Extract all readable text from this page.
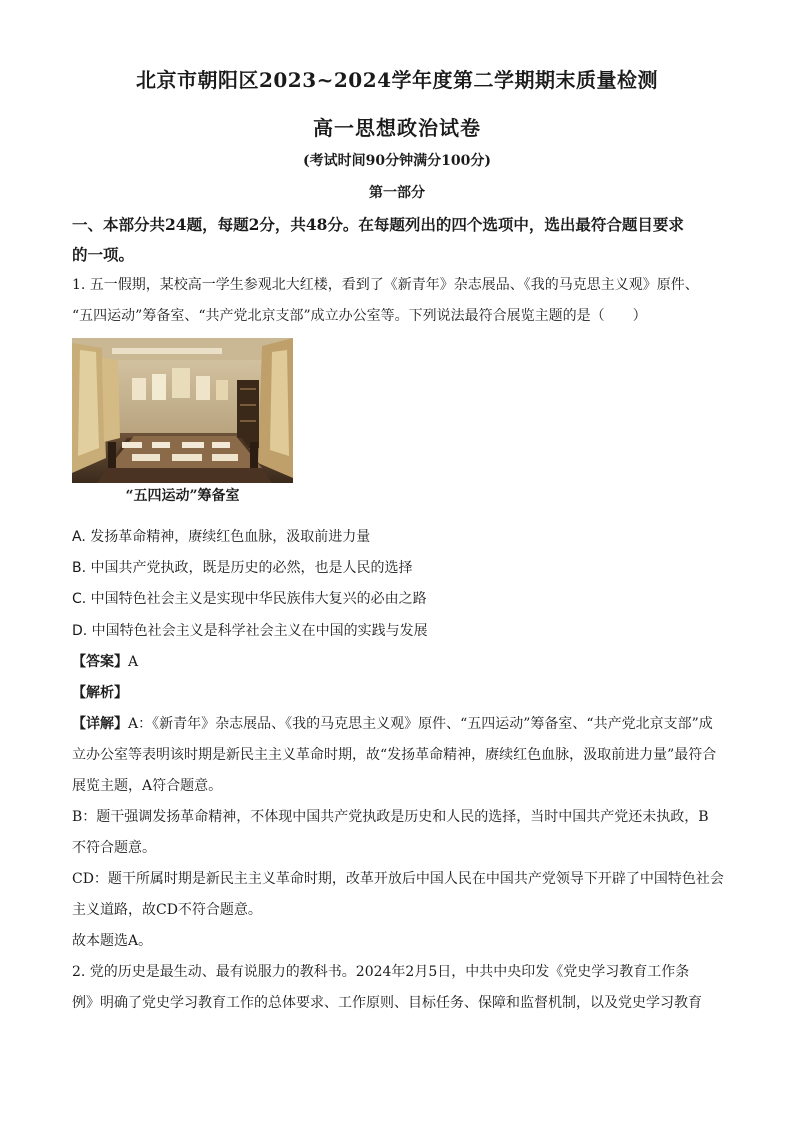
北京市朝阳区2023~2024学年度第二学期期末质量检测
高一思想政治试卷
(考试时间90分钟满分100分)
第一部分
一、本部分共24题，每题2分，共48分。在每题列出的四个选项中，选出最符合题目要求
的一项。
1. 五一假期，某校高一学生参观北大红楼，看到了《新青年》杂志展品、《我的马克思主义观》原件、
“五四运动”筹备室、“共产党北京支部”成立办公室等。下列说法最符合展览主题的是（　　）
“五四运动”筹备室
A. 发扬革命精神，赓续红色血脉，汲取前进力量
B. 中国共产党执政，既是历史的必然，也是人民的选择
C. 中国特色社会主义是实现中华民族伟大复兴的必由之路
D. 中国特色社会主义是科学社会主义在中国的实践与发展
【答案】A
【解析】
【详解】A：《新青年》杂志展品、《我的马克思主义观》原件、“五四运动”筹备室、“共产党北京支部”成
立办公室等表明该时期是新民主主义革命时期，故“发扬革命精神，赓续红色血脉，汲取前进力量”最符合
展览主题，A符合题意。
B：题干强调发扬革命精神，不体现中国共产党执政是历史和人民的选择，当时中国共产党还未执政，B
不符合题意。
CD：题干所属时期是新民主主义革命时期，改革开放后中国人民在中国共产党领导下开辟了中国特色社会
主义道路，故CD不符合题意。
故本题选A。
2. 党的历史是最生动、最有说服力的教科书。2024年2月5日，中共中央印发《党史学习教育工作条
例》明确了党史学习教育工作的总体要求、工作原则、目标任务、保障和监督机制，以及党史学习教育
